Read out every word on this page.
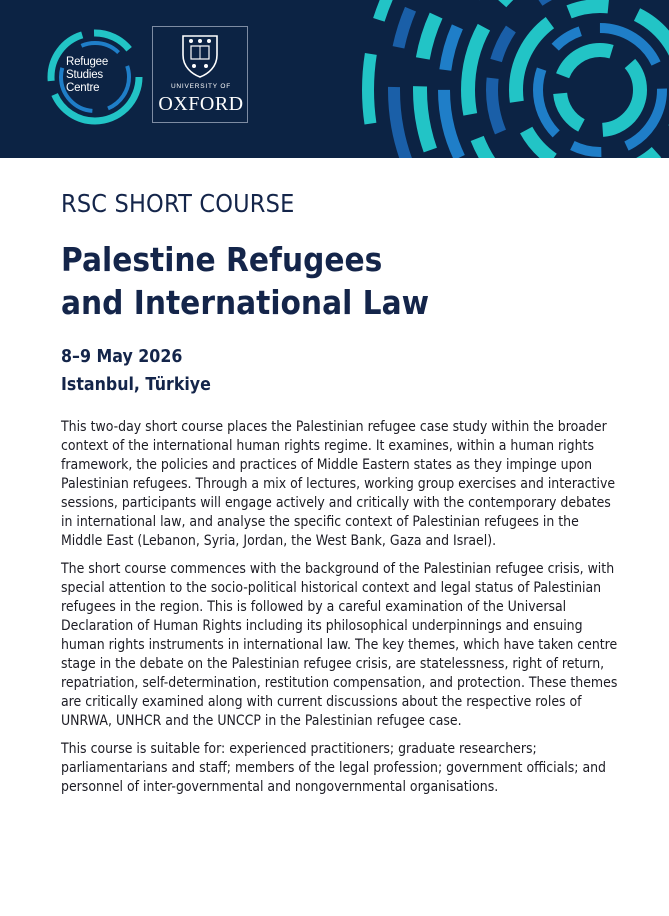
Refugee
Studies
Centre	UNIVERSITY OF
OXFORD
RSC SHORT COURSE
Palestine Refugees
and International Law
8–9 May 2026
Istanbul, Türkiye

This two-day short course places the Palestinian refugee case study within the broader context of the international human rights regime. It examines, within a human rights framework, the policies and practices of Middle Eastern states as they impinge upon Palestinian refugees. Through a mix of lectures, working group exercises and interactive sessions, participants will engage actively and critically with the contemporary debates in international law, and analyse the specific context of Palestinian refugees in the Middle East (Lebanon, Syria, Jordan, the West Bank, Gaza and Israel).

The short course commences with the background of the Palestinian refugee crisis, with special attention to the socio-political historical context and legal status of Palestinian refugees in the region. This is followed by a careful examination of the Universal Declaration of Human Rights including its philosophical underpinnings and ensuing human rights instruments in international law. The key themes, which have taken centre stage in the debate on the Palestinian refugee crisis, are statelessness, right of return, repatriation, self-determination, restitution compensation, and protection. These themes are critically examined along with current discussions about the respective roles of UNRWA, UNHCR and the UNCCP in the Palestinian refugee case.

This course is suitable for: experienced practitioners; graduate researchers; parliamentarians and staff; members of the legal profession; government officials; and personnel of inter-governmental and nongovernmental organisations.
